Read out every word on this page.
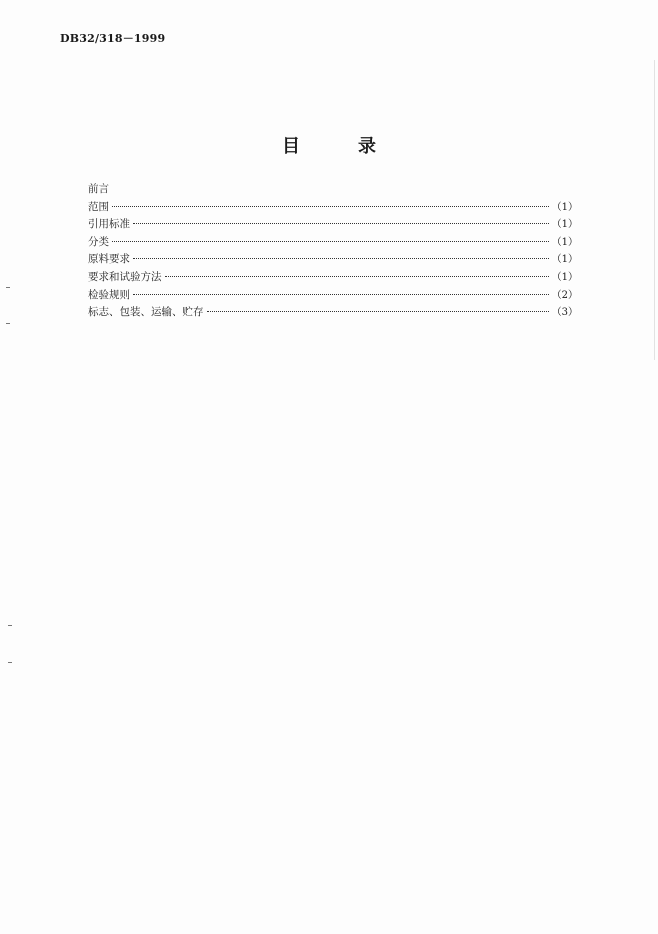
DB32/318－1999
目录
前言
范围	（1）
引用标准	（1）
分类	（1）
原料要求	（1）
要求和试验方法	（1）
检验规则	（2）
标志、包装、运输、贮存	（3）
